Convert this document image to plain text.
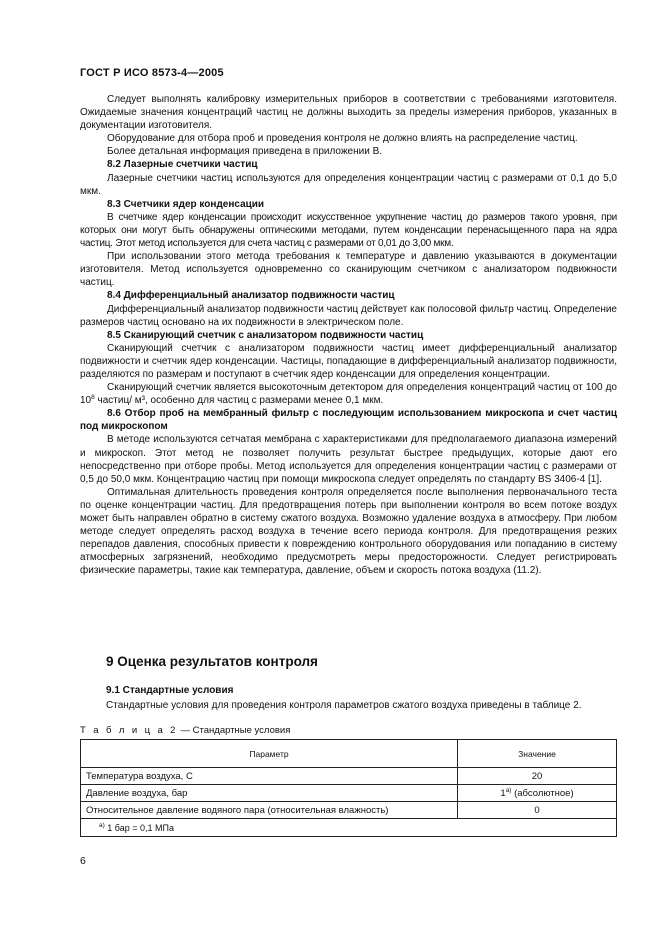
ГОСТ Р ИСО 8573-4—2005

Следует выполнять калибровку измерительных приборов в соответствии с требованиями изготовителя. Ожидаемые значения концентраций частиц не должны выходить за пределы измерения приборов, указанных в документации изготовителя.

Оборудование для отбора проб и проведения контроля не должно влиять на распределение частиц.

Более детальная информация приведена в приложении В.

8.2 Лазерные счетчики частиц

Лазерные счетчики частиц используются для определения концентрации частиц с размерами от 0,1 до 5,0 мкм.

8.3 Счетчики ядер конденсации

В счетчике ядер конденсации происходит искусственное укрупнение частиц до размеров такого уровня, при которых они могут быть обнаружены оптическими методами, путем конденсации перенасыщенного пара на ядра частиц. Этот метод используется для счета частиц с размерами от 0,01 до 3,00 мкм.

При использовании этого метода требования к температуре и давлению указываются в документации изготовителя. Метод используется одновременно со сканирующим счетчиком с анализатором подвижности частиц.

8.4 Дифференциальный анализатор подвижности частиц

Дифференциальный анализатор подвижности частиц действует как полосовой фильтр частиц. Определение размеров частиц основано на их подвижности в электрическом поле.

8.5 Сканирующий счетчик с анализатором подвижности частиц

Сканирующий счетчик с анализатором подвижности частиц имеет дифференциальный анализатор подвижности и счетчик ядер конденсации. Частицы, попадающие в дифференциальный анализатор подвижности, разделяются по размерам и поступают в счетчик ядер конденсации для определения концентрации.

Сканирующий счетчик является высокоточным детектором для определения концентраций частиц от 100 до $10^8$ частиц/ м³, особенно для частиц с размерами менее 0,1 мкм.

8.6 Отбор проб на мембранный фильтр с последующим использованием микроскопа и счет частиц под микроскопом

В методе используются сетчатая мембрана с характеристиками для предполагаемого диапазона измерений и микроскоп. Этот метод не позволяет получить результат быстрее предыдущих, которые дают его непосредственно при отборе пробы. Метод используется для определения концентрации частиц с размерами от 0,5 до 50,0 мкм. Концентрацию частиц при помощи микроскопа следует определять по стандарту BS 3406-4 [1].

Оптимальная длительность проведения контроля определяется после выполнения первоначального теста по оценке концентрации частиц. Для предотвращения потерь при выполнении контроля во всем потоке воздух может быть направлен обратно в систему сжатого воздуха. Возможно удаление воздуха в атмосферу. При любом методе следует определять расход воздуха в течение всего периода контроля. Для предотвращения резких перепадов давления, способных привести к повреждению контрольного оборудования или попаданию в систему атмосферных загрязнений, необходимо предусмотреть меры предосторожности. Следует регистрировать физические параметры, такие как температура, давление, объем и скорость потока воздуха (11.2).

9 Оценка результатов контроля
9.1 Стандартные условия
Стандартные условия для проведения контроля параметров сжатого воздуха приведены в таблице 2.
Т а б л и ц а 2 — Стандартные условия
Параметр	Значение
Температура воздуха, С	20
Давление воздуха, бар	$1^{а)}$ (абсолютное)
Относительное давление водяного пара (относительная влажность)	0
$^{а)}$ 1 бар = 0,1 МПа	
6
